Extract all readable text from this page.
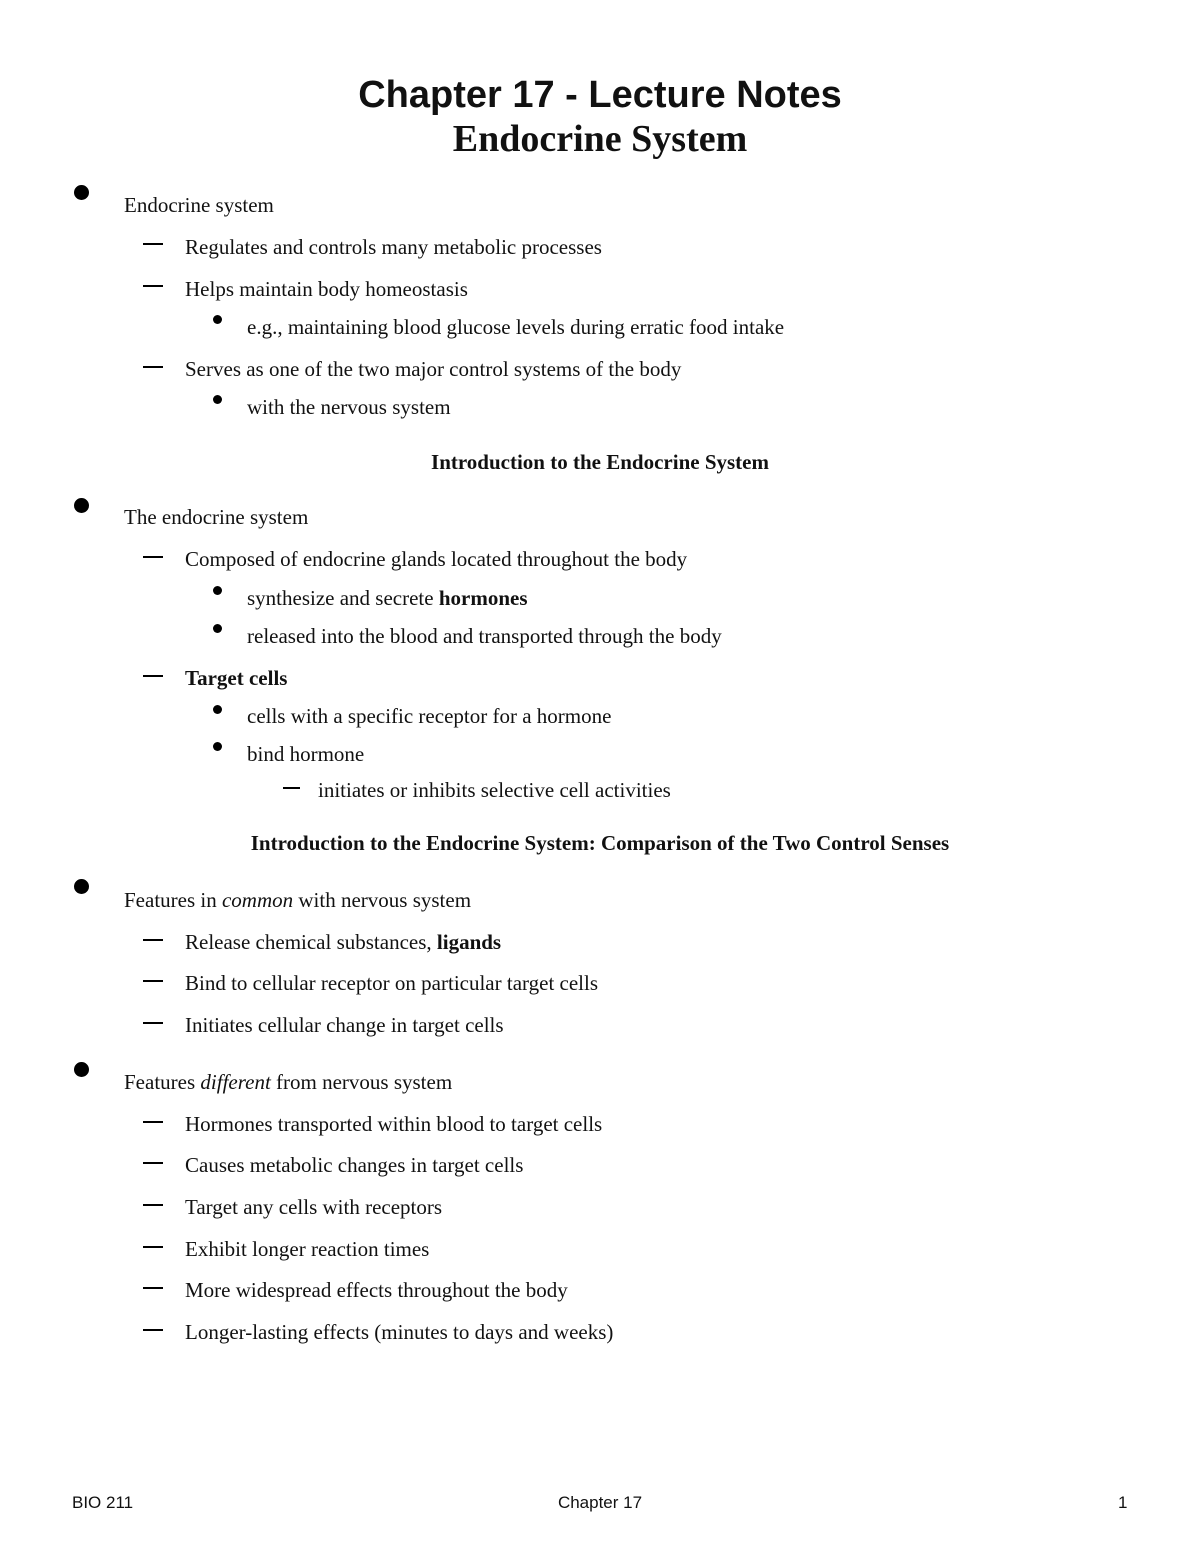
Chapter 17 - Lecture Notes
Endocrine System
Endocrine system
Regulates and controls many metabolic processes
Helps maintain body homeostasis
e.g., maintaining blood glucose levels during erratic food intake
Serves as one of the two major control systems of the body
with the nervous system
Introduction to the Endocrine System
The endocrine system
Composed of endocrine glands located throughout the body
synthesize and secrete hormones
released into the blood and transported through the body
Target cells
cells with a specific receptor for a hormone
bind hormone
initiates or inhibits selective cell activities
Introduction to the Endocrine System: Comparison of the Two Control Senses
Features in common with nervous system
Release chemical substances, ligands
Bind to cellular receptor on particular target cells
Initiates cellular change in target cells
Features different from nervous system
Hormones transported within blood to target cells
Causes metabolic changes in target cells
Target any cells with receptors
Exhibit longer reaction times
More widespread effects throughout the body
Longer-lasting effects (minutes to days and weeks)
BIO 211	Chapter 17	1
